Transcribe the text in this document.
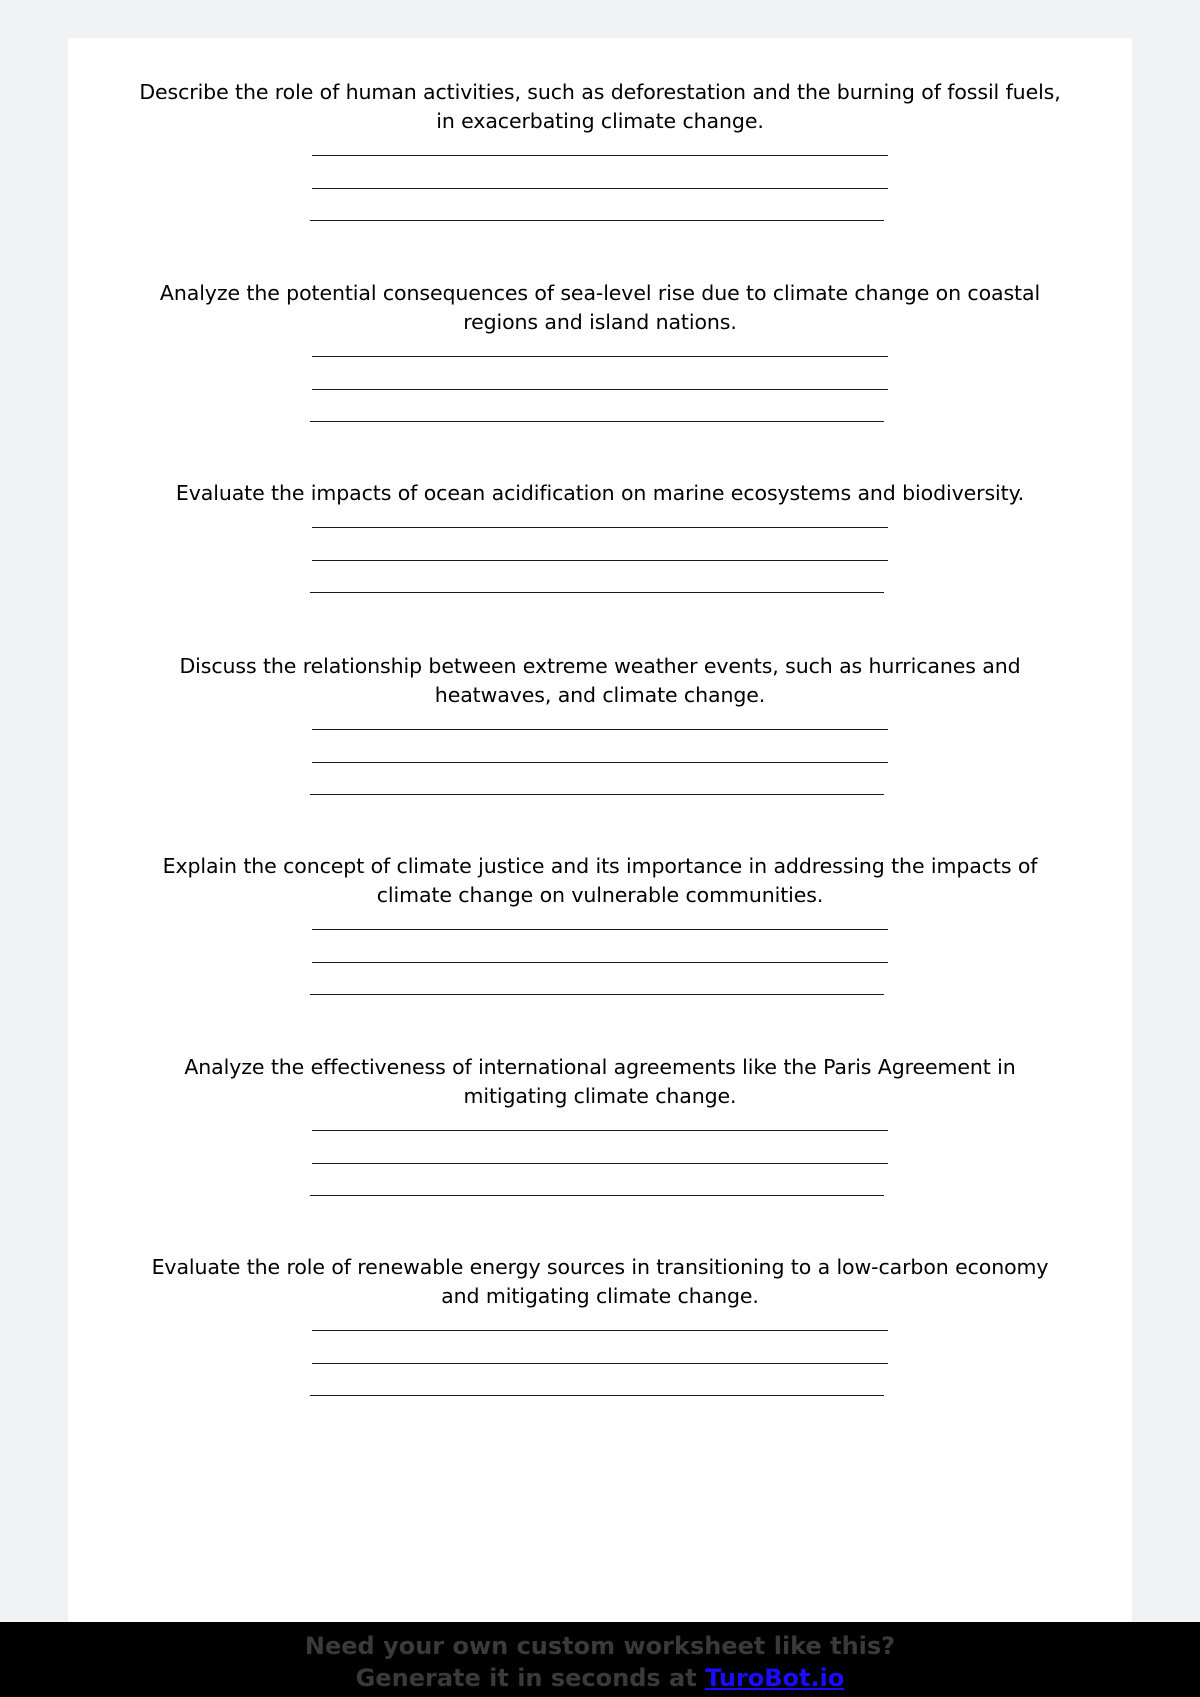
Describe the role of human activities, such as deforestation and the burning of fossil fuels, in exacerbating climate change.
Analyze the potential consequences of sea-level rise due to climate change on coastal regions and island nations.
Evaluate the impacts of ocean acidification on marine ecosystems and biodiversity.
Discuss the relationship between extreme weather events, such as hurricanes and heatwaves, and climate change.
Explain the concept of climate justice and its importance in addressing the impacts of climate change on vulnerable communities.
Analyze the effectiveness of international agreements like the Paris Agreement in mitigating climate change.
Evaluate the role of renewable energy sources in transitioning to a low-carbon economy and mitigating climate change.
Need your own custom worksheet like this?
Generate it in seconds at TuroBot.io
